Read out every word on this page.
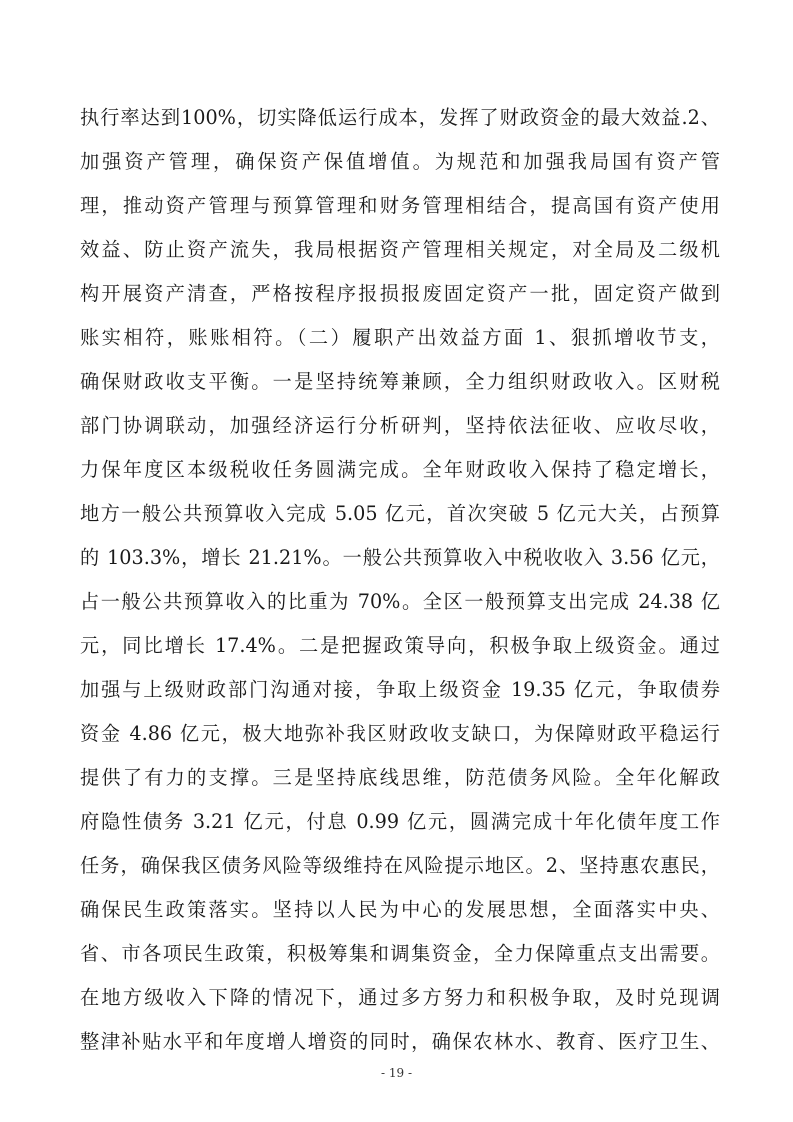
执行率达到100%，切实降低运行成本，发挥了财政资金的最大效益.2、
加强资产管理，确保资产保值增值。为规范和加强我局国有资产管
理，推动资产管理与预算管理和财务管理相结合，提高国有资产使用
效益、防止资产流失，我局根据资产管理相关规定，对全局及二级机
构开展资产清查，严格按程序报损报废固定资产一批，固定资产做到
账实相符，账账相符。（二）履职产出效益方面 1、狠抓增收节支，
确保财政收支平衡。一是坚持统筹兼顾，全力组织财政收入。区财税
部门协调联动，加强经济运行分析研判，坚持依法征收、应收尽收，
力保年度区本级税收任务圆满完成。全年财政收入保持了稳定增长，
地方一般公共预算收入完成 5.05 亿元，首次突破 5 亿元大关，占预算
的 103.3%，增长 21.21%。一般公共预算收入中税收收入 3.56 亿元，
占一般公共预算收入的比重为 70%。全区一般预算支出完成 24.38 亿
元，同比增长 17.4%。二是把握政策导向，积极争取上级资金。通过
加强与上级财政部门沟通对接，争取上级资金 19.35 亿元，争取债券
资金 4.86 亿元，极大地弥补我区财政收支缺口，为保障财政平稳运行
提供了有力的支撑。三是坚持底线思维，防范债务风险。全年化解政
府隐性债务 3.21 亿元，付息 0.99 亿元，圆满完成十年化债年度工作
任务，确保我区债务风险等级维持在风险提示地区。2、坚持惠农惠民，
确保民生政策落实。坚持以人民为中心的发展思想，全面落实中央、
省、市各项民生政策，积极筹集和调集资金，全力保障重点支出需要。
在地方级收入下降的情况下，通过多方努力和积极争取，及时兑现调
整津补贴水平和年度增人增资的同时，确保农林水、教育、医疗卫生、
- 19 -
